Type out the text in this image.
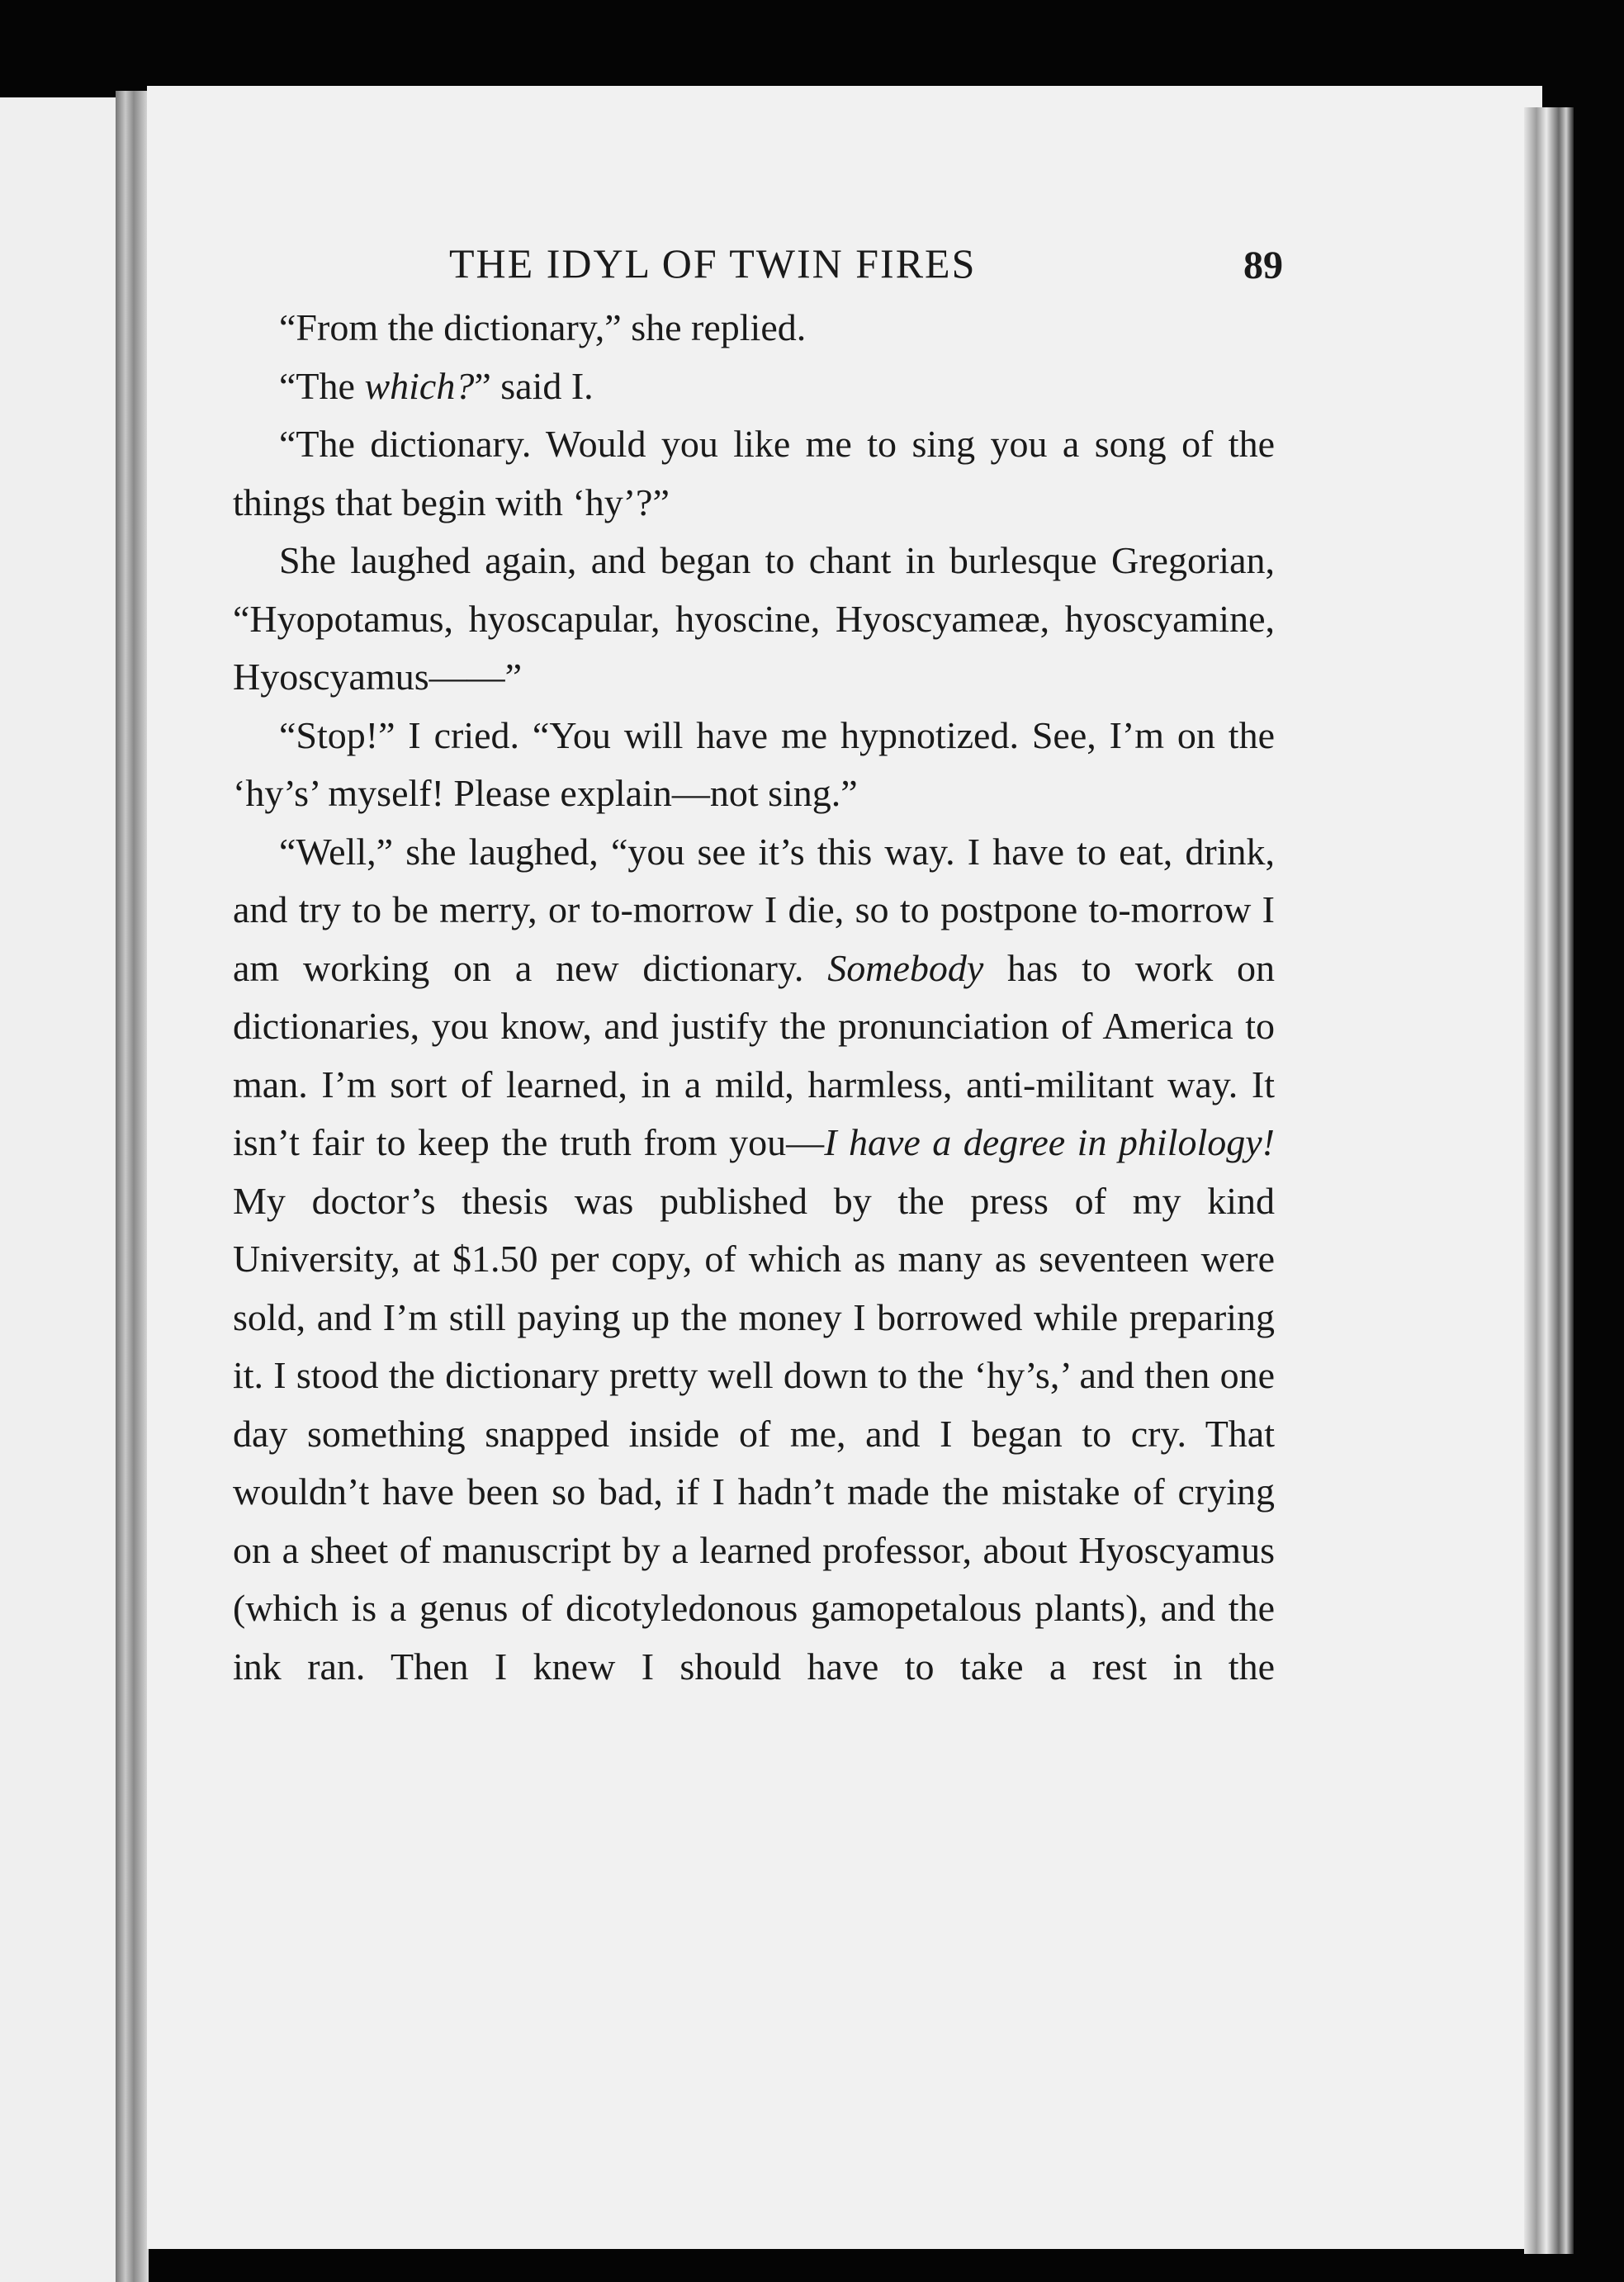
THE IDYL OF TWIN FIRES	89

“From the dictionary,” she replied.

“The which?” said I.

“The dictionary. Would you like me to sing you a song of the things that begin with ‘hy’?”

She laughed again, and began to chant in burlesque Gregorian, “Hyopotamus, hyoscapular, hyoscine, Hyoscyameæ, hyoscyamine, Hyoscyamus——”

“Stop!” I cried. “You will have me hypnotized. See, I’m on the ‘hy’s’ myself! Please explain—not sing.”

“Well,” she laughed, “you see it’s this way. I have to eat, drink, and try to be merry, or to-morrow I die, so to postpone to-morrow I am working on a new dictionary. Somebody has to work on dictionaries, you know, and justify the pronunciation of America to man. I’m sort of learned, in a mild, harmless, anti-militant way. It isn’t fair to keep the truth from you—I have a degree in philology! My doctor’s thesis was published by the press of my kind University, at $1.50 per copy, of which as many as seventeen were sold, and I’m still paying up the money I borrowed while preparing it. I stood the dictionary pretty well down to the ‘hy’s,’ and then one day something snapped inside of me, and I began to cry. That wouldn’t have been so bad, if I hadn’t made the mistake of crying on a sheet of manuscript by a learned professor, about Hyoscyamus (which is a genus of dicotyledonous gamopetalous plants), and the ink ran. Then I knew I should have to take a rest in the
